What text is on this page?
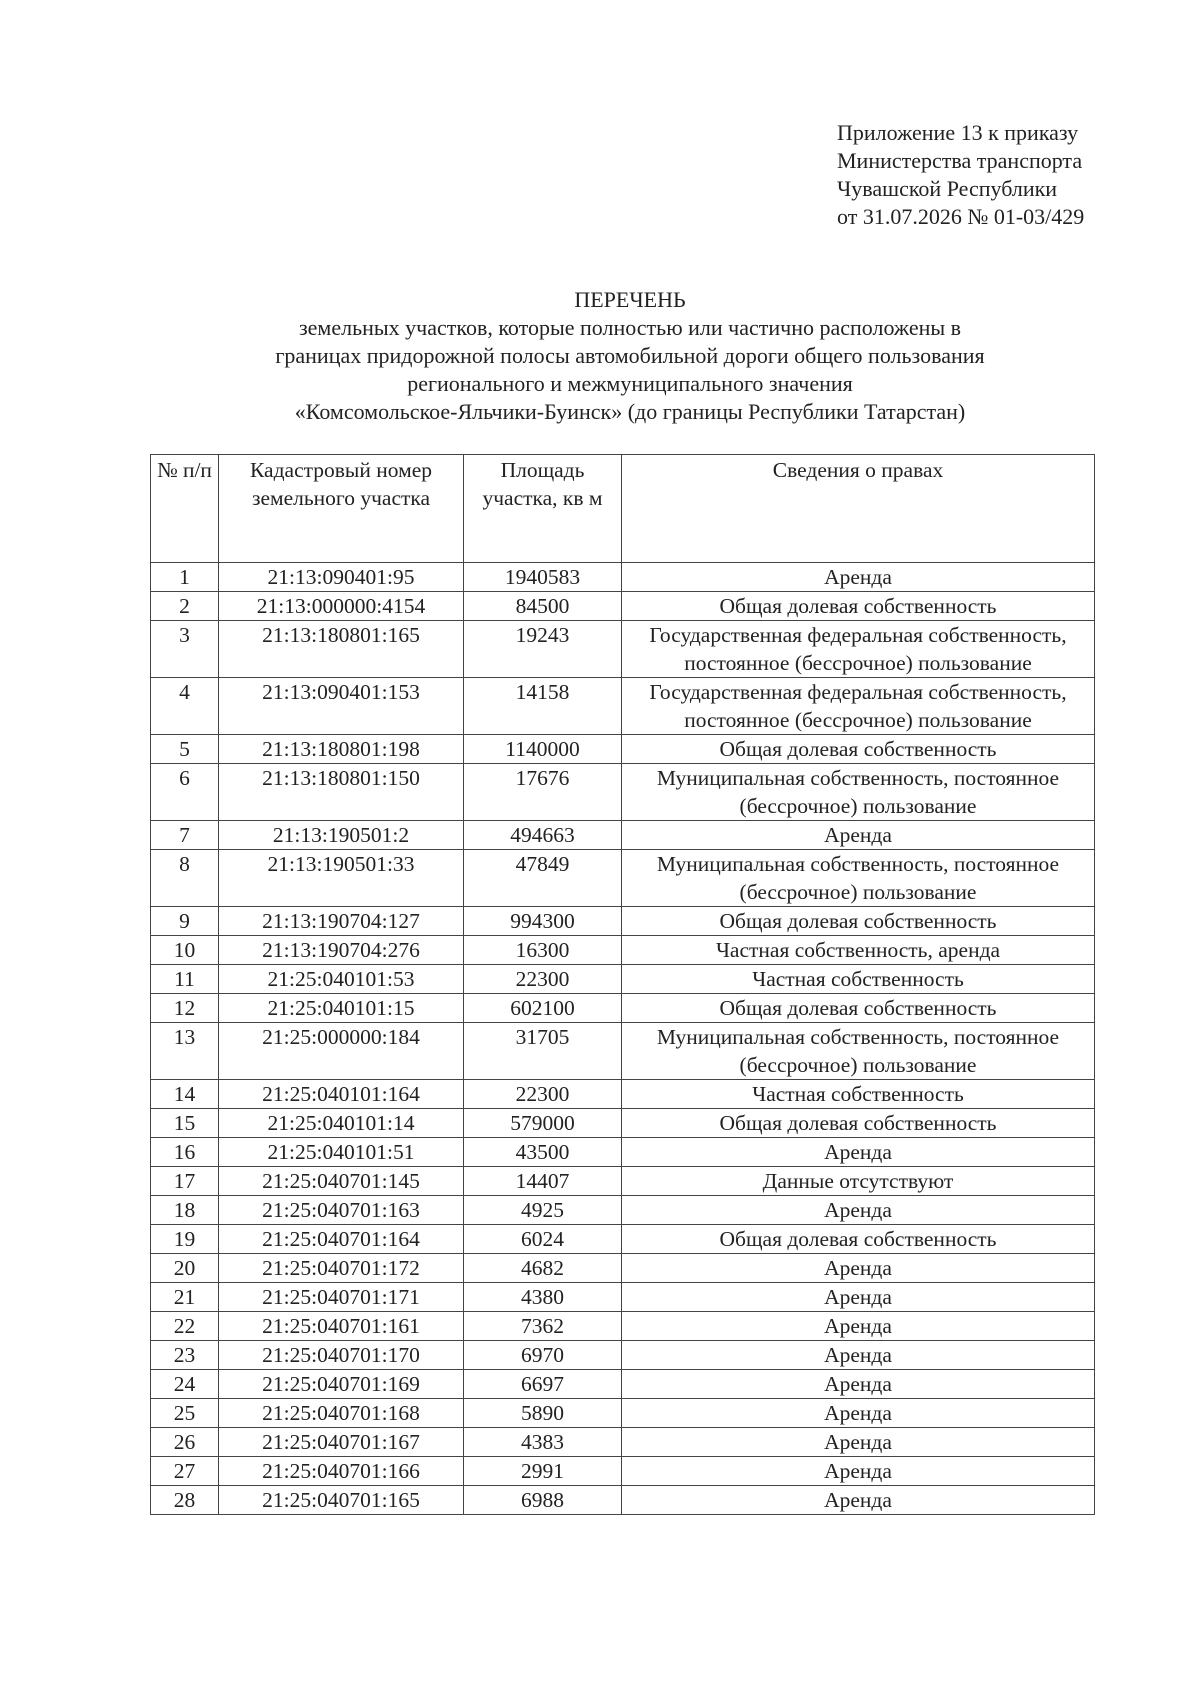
Приложение 13 к приказу
Министерства транспорта
Чувашской Республики
от 31.07.2026 № 01-03/429
ПЕРЕЧЕНЬ
земельных участков, которые полностью или частично расположены в
границах придорожной полосы автомобильной дороги общего пользования
регионального и межмуниципального значения
«Комсомольское-Яльчики-Буинск» (до границы Республики Татарстан)
№ п/п	Кадастровый номер земельного участка	Площадь участка, кв м	Сведения о правах
1	21:13:090401:95	1940583	Аренда
2	21:13:000000:4154	84500	Общая долевая собственность
3	21:13:180801:165	19243	Государственная федеральная собственность, постоянное (бессрочное) пользование
4	21:13:090401:153	14158	Государственная федеральная собственность, постоянное (бессрочное) пользование
5	21:13:180801:198	1140000	Общая долевая собственность
6	21:13:180801:150	17676	Муниципальная собственность, постоянное (бессрочное) пользование
7	21:13:190501:2	494663	Аренда
8	21:13:190501:33	47849	Муниципальная собственность, постоянное (бессрочное) пользование
9	21:13:190704:127	994300	Общая долевая собственность
10	21:13:190704:276	16300	Частная собственность, аренда
11	21:25:040101:53	22300	Частная собственность
12	21:25:040101:15	602100	Общая долевая собственность
13	21:25:000000:184	31705	Муниципальная собственность, постоянное (бессрочное) пользование
14	21:25:040101:164	22300	Частная собственность
15	21:25:040101:14	579000	Общая долевая собственность
16	21:25:040101:51	43500	Аренда
17	21:25:040701:145	14407	Данные отсутствуют
18	21:25:040701:163	4925	Аренда
19	21:25:040701:164	6024	Общая долевая собственность
20	21:25:040701:172	4682	Аренда
21	21:25:040701:171	4380	Аренда
22	21:25:040701:161	7362	Аренда
23	21:25:040701:170	6970	Аренда
24	21:25:040701:169	6697	Аренда
25	21:25:040701:168	5890	Аренда
26	21:25:040701:167	4383	Аренда
27	21:25:040701:166	2991	Аренда
28	21:25:040701:165	6988	Аренда
